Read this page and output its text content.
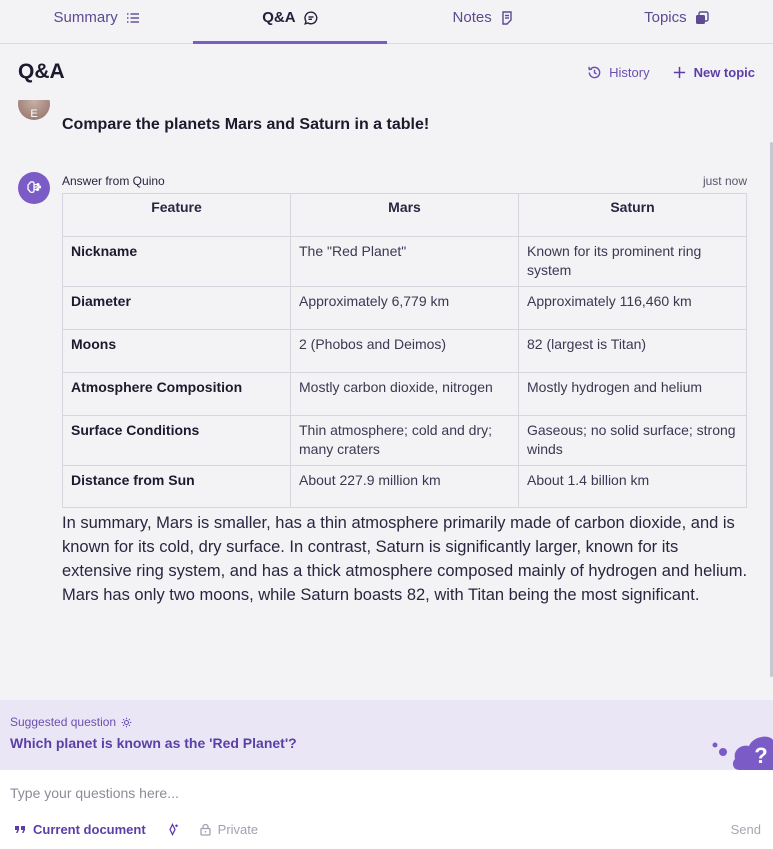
Summary	Q&A	Notes	Topics
Q&A	History	New topic
E
Compare the planets Mars and Saturn in a table!
Answer from Quino	just now
Feature	Mars	Saturn
Nickname	The "Red Planet"	Known for its prominent ring system
Diameter	Approximately 6,779 km	Approximately 116,460 km
Moons	2 (Phobos and Deimos)	82 (largest is Titan)
Atmosphere Composition	Mostly carbon dioxide, nitrogen	Mostly hydrogen and helium
Surface Conditions	Thin atmosphere; cold and dry; many craters	Gaseous; no solid surface; strong winds
Distance from Sun	About 227.9 million km	About 1.4 billion km
In summary, Mars is smaller, has a thin atmosphere primarily made of carbon dioxide, and is known for its cold, dry surface. In contrast, Saturn is significantly larger, known for its extensive ring system, and has a thick atmosphere composed mainly of hydrogen and helium. Mars has only two moons, while Saturn boasts 82, with Titan being the most significant.
Suggested question
Which planet is known as the 'Red Planet'?	?
Type your questions here...
Current document	Private	Send
